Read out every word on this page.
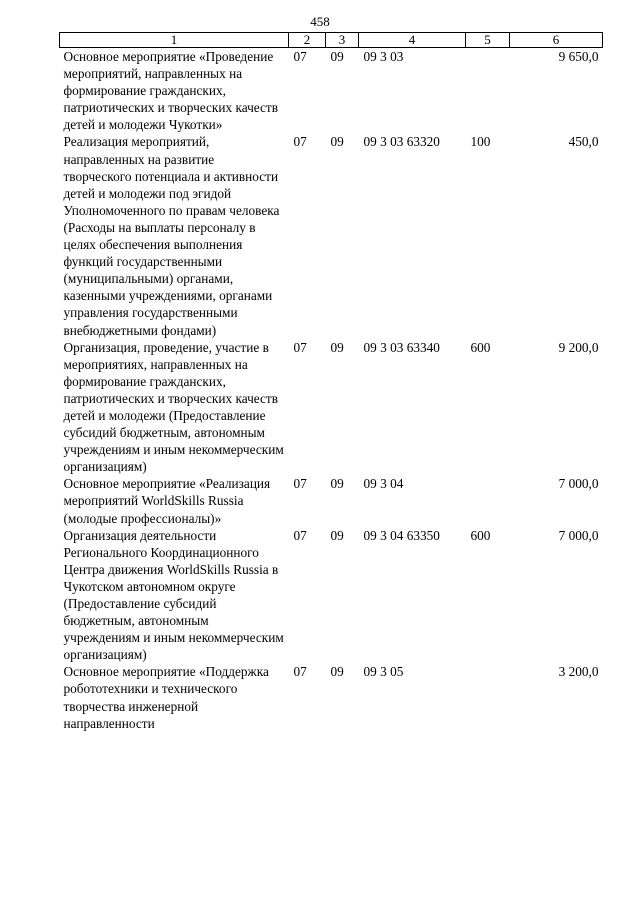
458
1	2	3	4	5	6
Основное мероприятие «Проведение мероприятий, направленных на формирование гражданских, патриотических и творческих качеств детей и молодежи Чукотки»	07	09	09 3 03		9 650,0
Реализация мероприятий, направленных на развитие творческого потенциала и активности детей и молодежи под эгидой Уполномоченного по правам человека (Расходы на выплаты персоналу в целях обеспечения выполнения функций государственными (муниципальными) органами, казенными учреждениями, органами управления государственными внебюджетными фондами)	07	09	09 3 03 63320	100	450,0
Организация, проведение, участие в мероприятиях, направленных на формирование гражданских, патриотических и творческих качеств детей и молодежи (Предоставление субсидий бюджетным, автономным учреждениям и иным некоммерческим организациям)	07	09	09 3 03 63340	600	9 200,0
Основное мероприятие «Реализация мероприятий WorldSkills Russia (молодые профессионалы)»	07	09	09 3 04		7 000,0
Организация деятельности Регионального Координационного Центра движения WorldSkills Russia в Чукотском автономном округе (Предоставление субсидий бюджетным, автономным учреждениям и иным некоммерческим организациям)	07	09	09 3 04 63350	600	7 000,0
Основное мероприятие «Поддержка робототехники и технического творчества инженерной направленности	07	09	09 3 05		3 200,0
